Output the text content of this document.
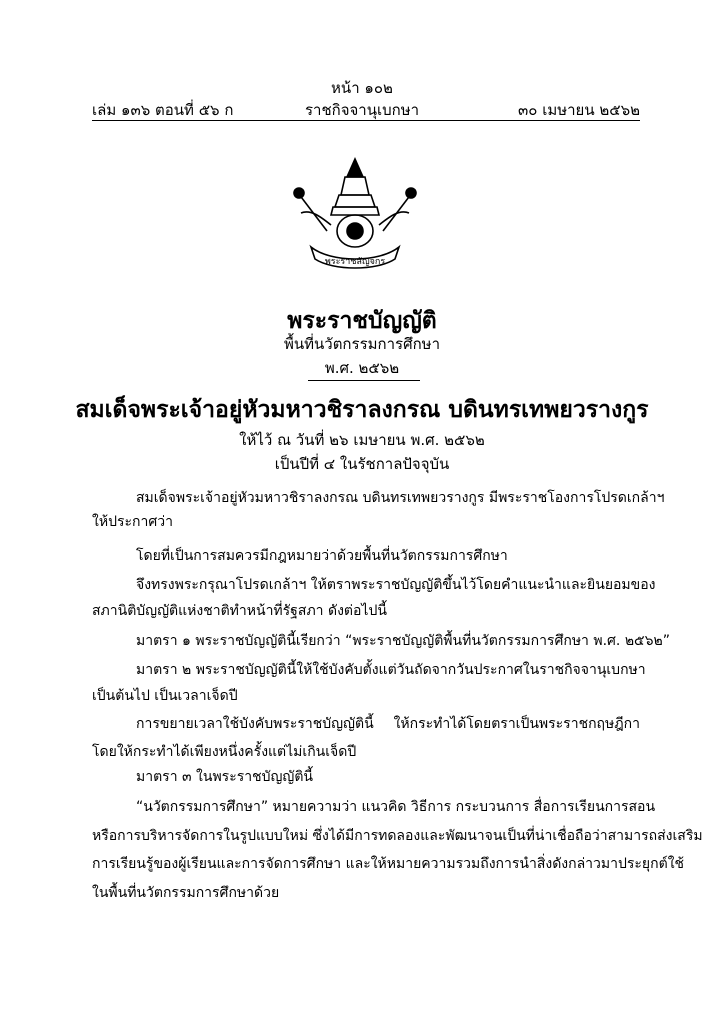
หน้า ๑๐๒
เล่ม ๑๓๖ ตอนที่ ๕๖ ก	ราชกิจจานุเบกษา	๓๐ เมษายน ๒๕๖๒
พระราชลัญจกร
พระราชบัญญัติ
พื้นที่นวัตกรรมการศึกษา
พ.ศ. ๒๕๖๒
สมเด็จพระเจ้าอยู่หัวมหาวชิราลงกรณ บดินทรเทพยวรางกูร
ให้ไว้ ณ วันที่ ๒๖ เมษายน พ.ศ. ๒๕๖๒
เป็นปีที่ ๔ ในรัชกาลปัจจุบัน
สมเด็จพระเจ้าอยู่หัวมหาวชิราลงกรณ บดินทรเทพยวรางกูร มีพระราชโองการโปรดเกล้าฯ
ให้ประกาศว่า
โดยที่เป็นการสมควรมีกฎหมายว่าด้วยพื้นที่นวัตกรรมการศึกษา
จึงทรงพระกรุณาโปรดเกล้าฯ ให้ตราพระราชบัญญัติขึ้นไว้โดยคำแนะนำและยินยอมของ
สภานิติบัญญัติแห่งชาติทำหน้าที่รัฐสภา ดังต่อไปนี้
มาตรา ๑ พระราชบัญญัตินี้เรียกว่า “พระราชบัญญัติพื้นที่นวัตกรรมการศึกษา พ.ศ. ๒๕๖๒”
มาตรา ๒ พระราชบัญญัตินี้ให้ใช้บังคับตั้งแต่วันถัดจากวันประกาศในราชกิจจานุเบกษา
เป็นต้นไป เป็นเวลาเจ็ดปี
การขยายเวลาใช้บังคับพระราชบัญญัตินี้ ให้กระทำได้โดยตราเป็นพระราชกฤษฎีกา
โดยให้กระทำได้เพียงหนึ่งครั้งแต่ไม่เกินเจ็ดปี
มาตรา ๓ ในพระราชบัญญัตินี้
“นวัตกรรมการศึกษา” หมายความว่า แนวคิด วิธีการ กระบวนการ สื่อการเรียนการสอน
หรือการบริหารจัดการในรูปแบบใหม่ ซึ่งได้มีการทดลองและพัฒนาจนเป็นที่น่าเชื่อถือว่าสามารถส่งเสริม
การเรียนรู้ของผู้เรียนและการจัดการศึกษา และให้หมายความรวมถึงการนำสิ่งดังกล่าวมาประยุกต์ใช้
ในพื้นที่นวัตกรรมการศึกษาด้วย
